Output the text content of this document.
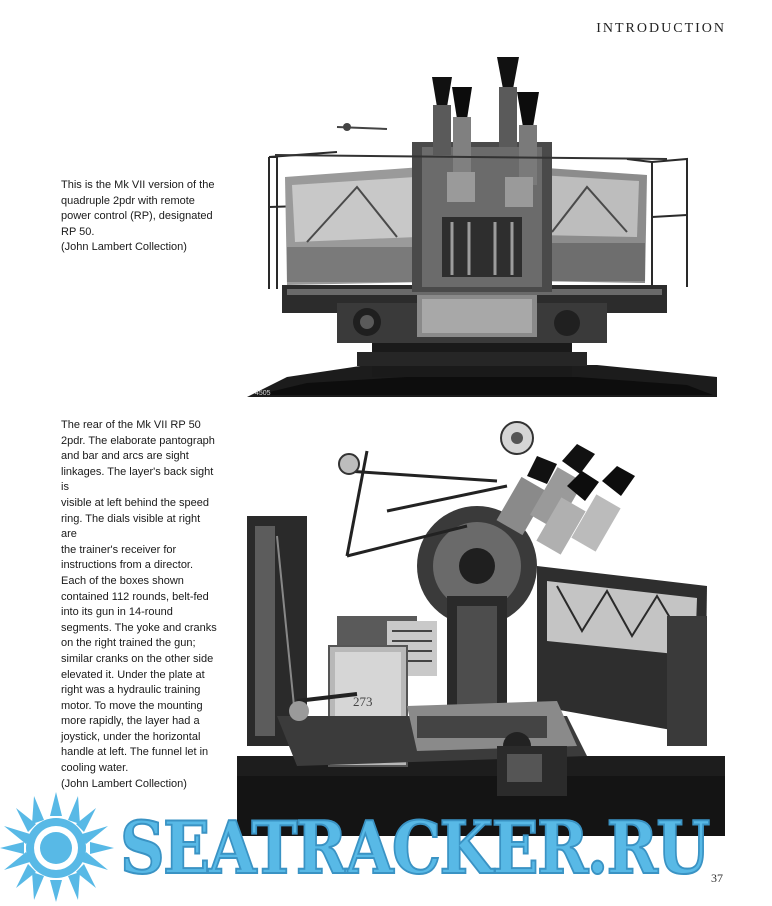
INTRODUCTION
This is the Mk VII version of the
quadruple 2pdr with remote
power control (RP), designated
RP 50.
(John Lambert Collection)
The rear of the Mk VII RP 50
2pdr. The elaborate pantograph
and bar and arcs are sight
linkages. The layer's back sight is
visible at left behind the speed
ring. The dials visible at right are
the trainer's receiver for
instructions from a director.
Each of the boxes shown
contained 112 rounds, belt-fed
into its gun in 14-round
segments. The yoke and cranks
on the right trained the gun;
similar cranks on the other side
elevated it. Under the plate at
right was a hydraulic training
motor. To move the mounting
more rapidly, the layer had a
joystick, under the horizontal
handle at left. The funnel let in
cooling water.
(John Lambert Collection)
4505
273
37
SEATRACKER.RU
